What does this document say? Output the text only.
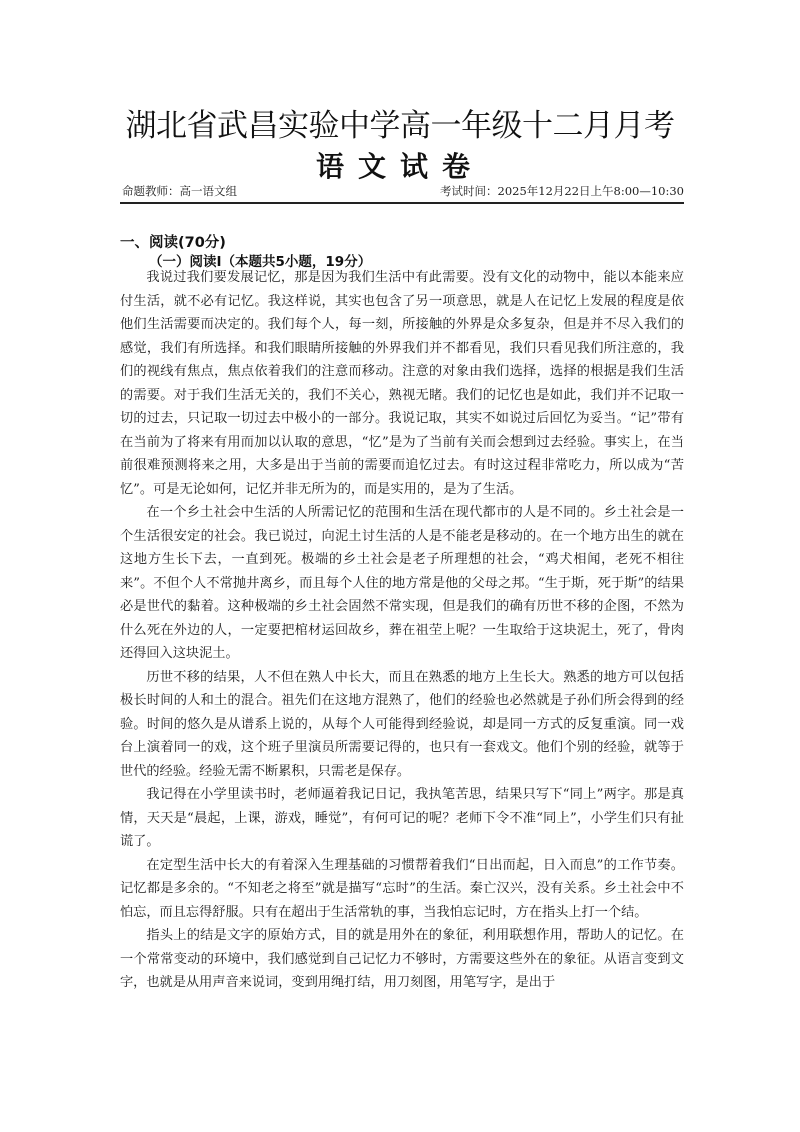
湖北省武昌实验中学高一年级十二月月考
语文试卷
命题教师：高一语文组	考试时间：2025年12月22日上午8:00—10:30
一、阅读(70分)
（一）阅读Ⅰ（本题共5小题，19分）

我说过我们要发展记忆，那是因为我们生活中有此需要。没有文化的动物中，能以本能来应付生活，就不必有记忆。我这样说，其实也包含了另一项意思，就是人在记忆上发展的程度是依他们生活需要而决定的。我们每个人，每一刻，所接触的外界是众多复杂，但是并不尽入我们的感觉，我们有所选择。和我们眼睛所接触的外界我们并不都看见，我们只看见我们所注意的，我们的视线有焦点，焦点依着我们的注意而移动。注意的对象由我们选择，选择的根据是我们生活的需要。对于我们生活无关的，我们不关心，熟视无睹。我们的记忆也是如此，我们并不记取一切的过去，只记取一切过去中极小的一部分。我说记取，其实不如说过后回忆为妥当。“记”带有在当前为了将来有用而加以认取的意思，“忆”是为了当前有关而会想到过去经验。事实上，在当前很难预测将来之用，大多是出于当前的需要而追忆过去。有时这过程非常吃力，所以成为“苦忆”。可是无论如何，记忆并非无所为的，而是实用的，是为了生活。

在一个乡土社会中生活的人所需记忆的范围和生活在现代都市的人是不同的。乡土社会是一个生活很安定的社会。我已说过，向泥土讨生活的人是不能老是移动的。在一个地方出生的就在这地方生长下去，一直到死。极端的乡土社会是老子所理想的社会，“鸡犬相闻，老死不相往来”。不但个人不常抛井离乡，而且每个人住的地方常是他的父母之邦。“生于斯，死于斯”的结果必是世代的黏着。这种极端的乡土社会固然不常实现，但是我们的确有历世不移的企图，不然为什么死在外边的人，一定要把棺材运回故乡，葬在祖茔上呢？一生取给于这块泥土，死了，骨肉还得回入这块泥土。

历世不移的结果，人不但在熟人中长大，而且在熟悉的地方上生长大。熟悉的地方可以包括极长时间的人和土的混合。祖先们在这地方混熟了，他们的经验也必然就是子孙们所会得到的经验。时间的悠久是从谱系上说的，从每个人可能得到经验说，却是同一方式的反复重演。同一戏台上演着同一的戏，这个班子里演员所需要记得的，也只有一套戏文。他们个别的经验，就等于世代的经验。经验无需不断累积，只需老是保存。

我记得在小学里读书时，老师逼着我记日记，我执笔苦思，结果只写下“同上”两字。那是真情，天天是“晨起，上课，游戏，睡觉”，有何可记的呢？老师下令不准“同上”，小学生们只有扯谎了。

在定型生活中长大的有着深入生理基础的习惯帮着我们“日出而起，日入而息”的工作节奏。记忆都是多余的。“不知老之将至”就是描写“忘时”的生活。秦亡汉兴，没有关系。乡土社会中不怕忘，而且忘得舒服。只有在超出于生活常轨的事，当我怕忘记时，方在指头上打一个结。

指头上的结是文字的原始方式，目的就是用外在的象征，利用联想作用，帮助人的记忆。在一个常常变动的环境中，我们感觉到自己记忆力不够时，方需要这些外在的象征。从语言变到文字，也就是从用声音来说词，变到用绳打结，用刀刻图，用笔写字，是出于
